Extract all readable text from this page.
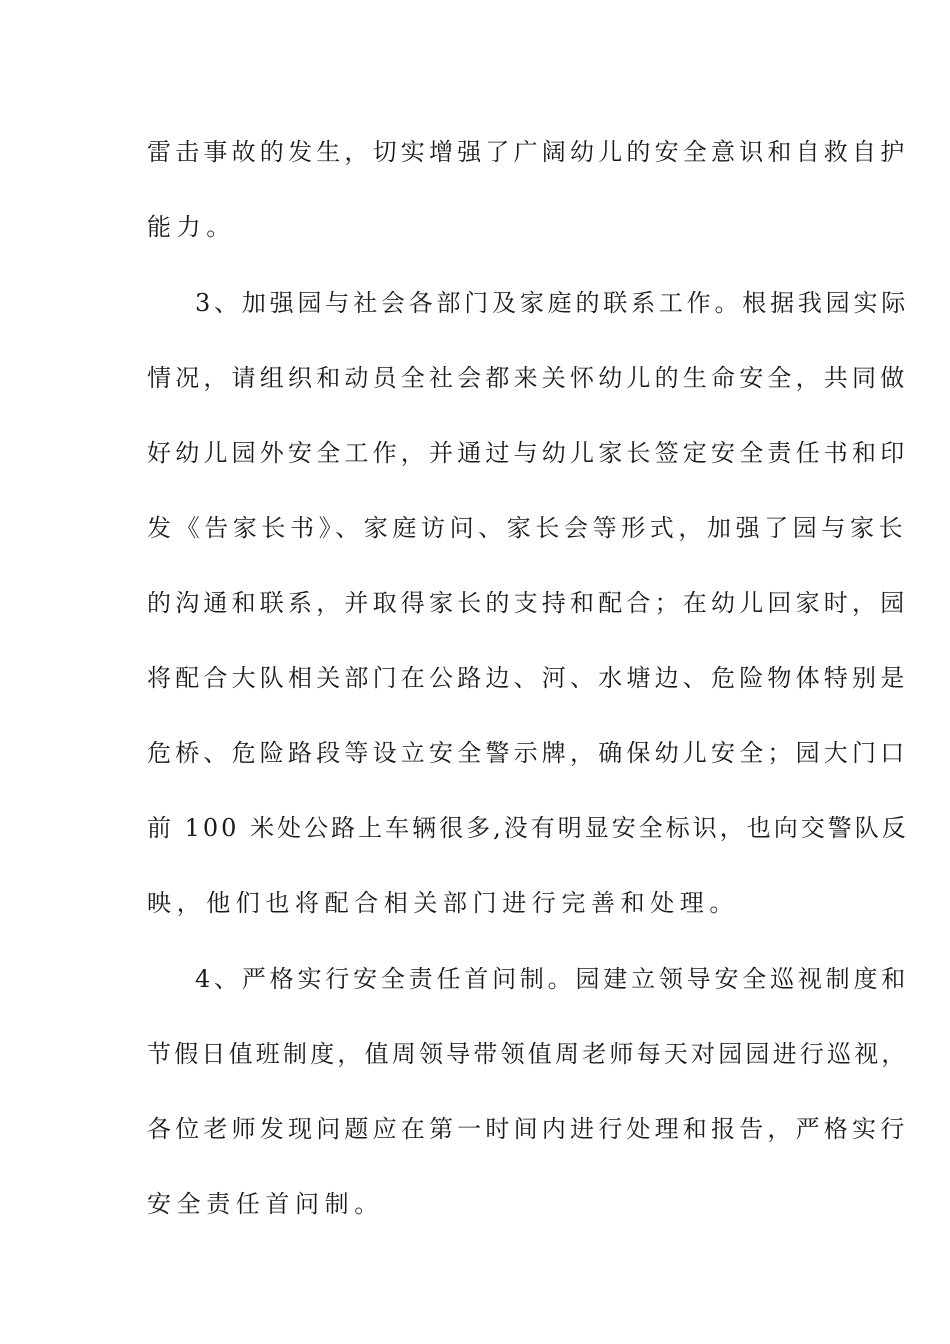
雷击事故的发生，切实增强了广阔幼儿的安全意识和自救自护
能力。
3、加强园与社会各部门及家庭的联系工作。根据我园实际
情况，请组织和动员全社会都来关怀幼儿的生命安全，共同做
好幼儿园外安全工作，并通过与幼儿家长签定安全责任书和印
发《告家长书》、家庭访问、家长会等形式，加强了园与家长
的沟通和联系，并取得家长的支持和配合；在幼儿回家时，园
将配合大队相关部门在公路边、河、水塘边、危险物体特别是
危桥、危险路段等设立安全警示牌，确保幼儿安全；园大门口
前 100 米处公路上车辆很多,没有明显安全标识，也向交警队反
映，他们也将配合相关部门进行完善和处理。
4、严格实行安全责任首问制。园建立领导安全巡视制度和
节假日值班制度，值周领导带领值周老师每天对园园进行巡视，
各位老师发现问题应在第一时间内进行处理和报告，严格实行
安全责任首问制。
